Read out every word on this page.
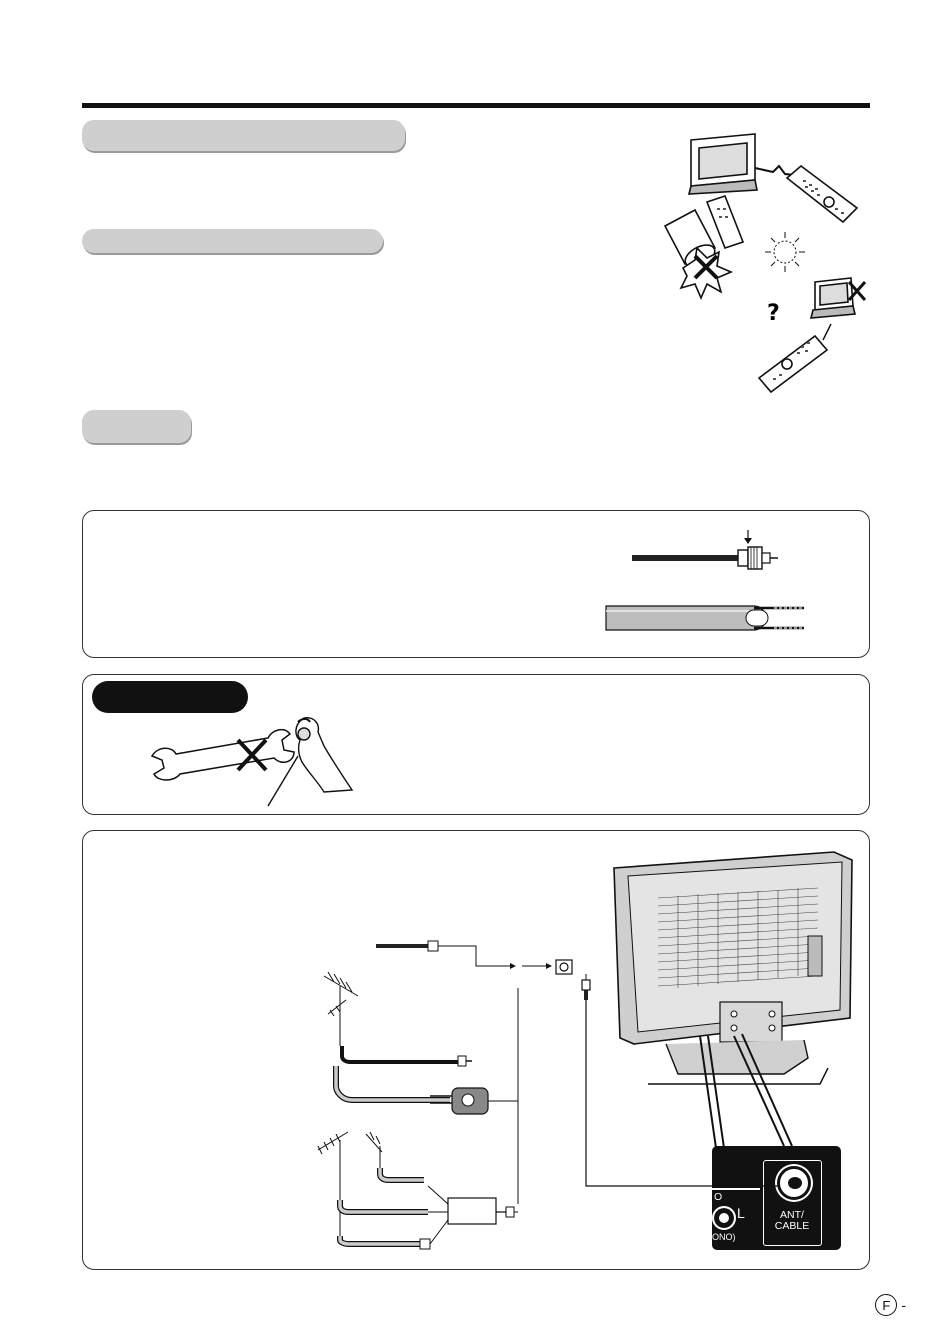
?
ANT/
CABLE
O
L
ONO)
F -
